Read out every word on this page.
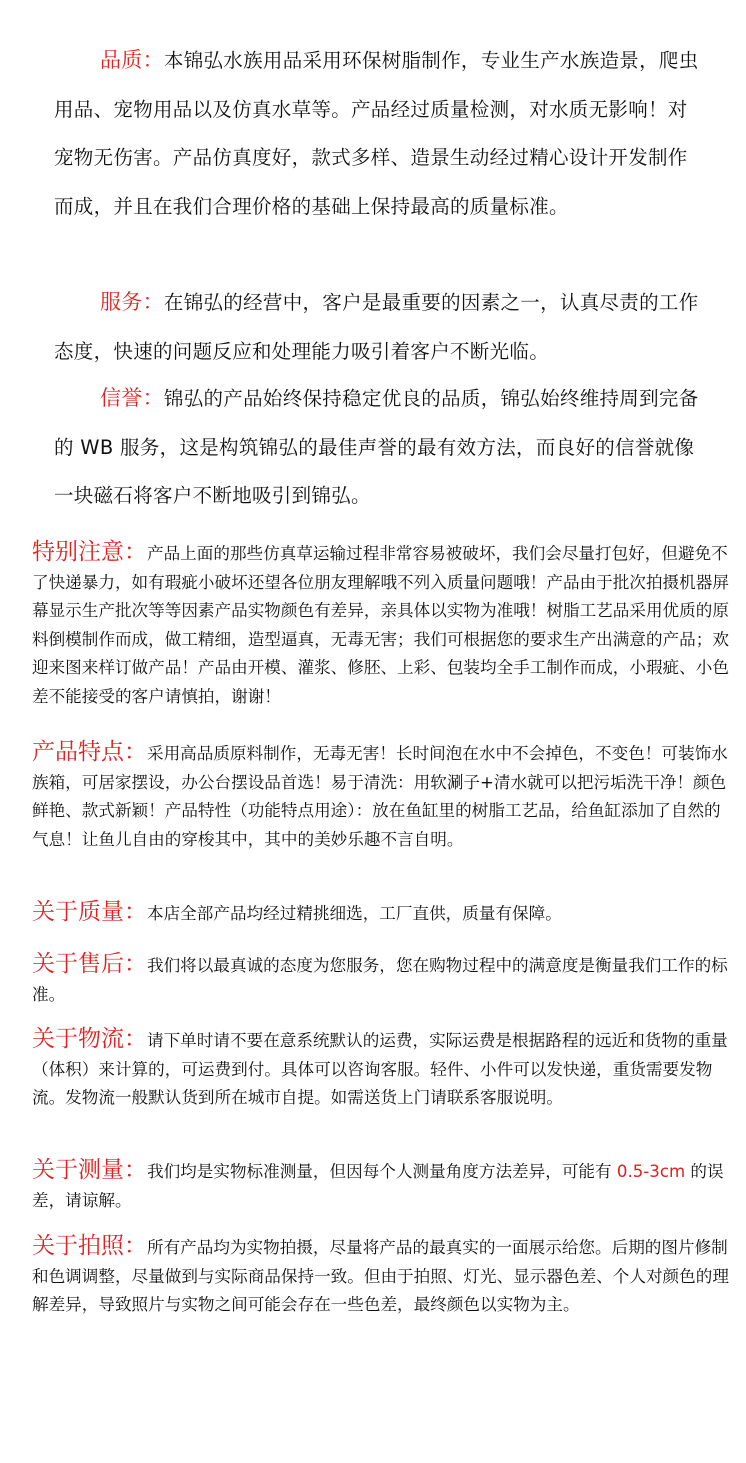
品质：本锦弘水族用品采用环保树脂制作，专业生产水族造景，爬虫用品、宠物用品以及仿真水草等。产品经过质量检测，对水质无影响！对宠物无伤害。产品仿真度好，款式多样、造景生动经过精心设计开发制作而成，并且在我们合理价格的基础上保持最高的质量标准。

服务：在锦弘的经营中，客户是最重要的因素之一，认真尽责的工作态度，快速的问题反应和处理能力吸引着客户不断光临。

信誉：锦弘的产品始终保持稳定优良的品质，锦弘始终维持周到完备的 WB 服务，这是构筑锦弘的最佳声誉的最有效方法，而良好的信誉就像一块磁石将客户不断地吸引到锦弘。

特别注意：产品上面的那些仿真草运输过程非常容易被破坏，我们会尽量打包好，但避免不了快递暴力，如有瑕疵小破坏还望各位朋友理解哦不列入质量问题哦！产品由于批次拍摄机器屏幕显示生产批次等等因素产品实物颜色有差异，亲具体以实物为准哦！树脂工艺品采用优质的原料倒模制作而成，做工精细，造型逼真，无毒无害；我们可根据您的要求生产出满意的产品；欢迎来图来样订做产品！产品由开模、灌浆、修胚、上彩、包装均全手工制作而成，小瑕疵、小色差不能接受的客户请慎拍，谢谢！

产品特点：采用高品质原料制作，无毒无害！长时间泡在水中不会掉色，不变色！可装饰水族箱，可居家摆设，办公台摆设品首选！易于清洗：用软涮子+清水就可以把污垢洗干净！颜色鲜艳、款式新颖！产品特性（功能特点用途）：放在鱼缸里的树脂工艺品，给鱼缸添加了自然的气息！让鱼儿自由的穿梭其中，其中的美妙乐趣不言自明。

关于质量：本店全部产品均经过精挑细选，工厂直供，质量有保障。

关于售后：我们将以最真诚的态度为您服务，您在购物过程中的满意度是衡量我们工作的标准。

关于物流：请下单时请不要在意系统默认的运费，实际运费是根据路程的远近和货物的重量（体积）来计算的，可运费到付。具体可以咨询客服。轻件、小件可以发快递，重货需要发物流。发物流一般默认货到所在城市自提。如需送货上门请联系客服说明。

关于测量：我们均是实物标准测量，但因每个人测量角度方法差异，可能有 0.5-3cm 的误差，请谅解。

关于拍照：所有产品均为实物拍摄，尽量将产品的最真实的一面展示给您。后期的图片修制和色调调整，尽量做到与实际商品保持一致。但由于拍照、灯光、显示器色差、个人对颜色的理解差异，导致照片与实物之间可能会存在一些色差，最终颜色以实物为主。
